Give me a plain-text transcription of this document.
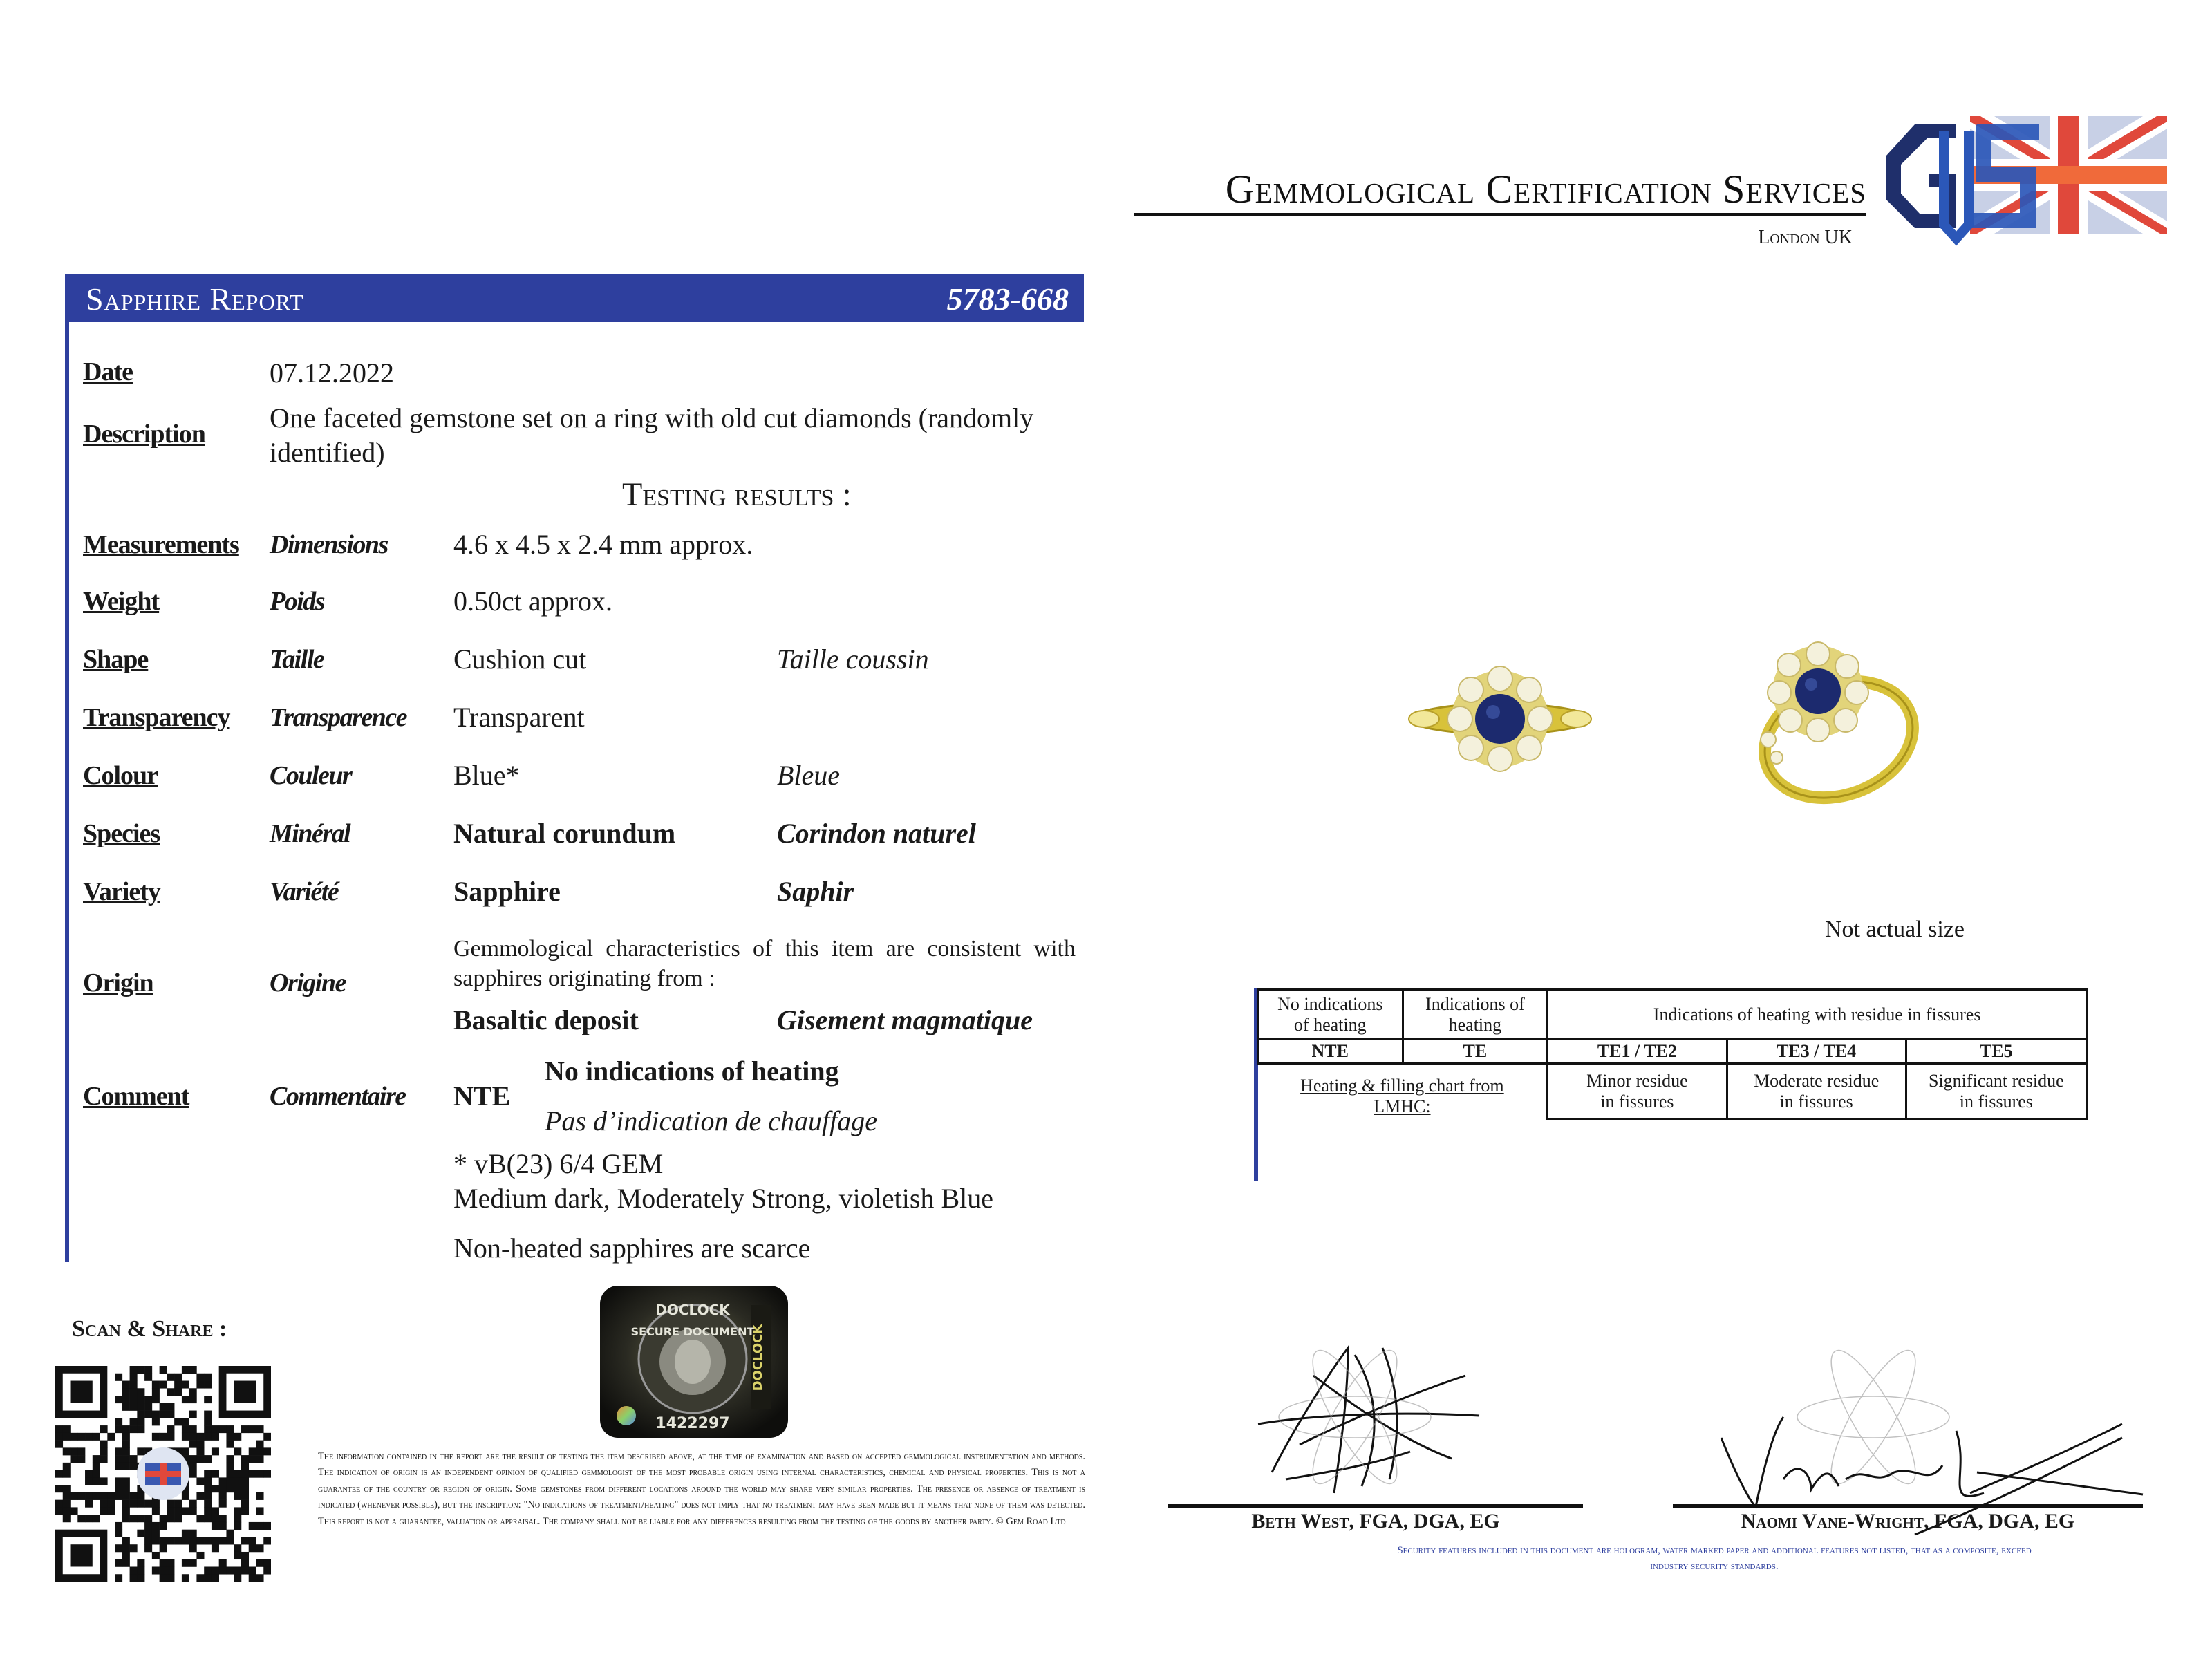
Gemmological Certification Services
London UK
Sapphire Report	5783-668
Date	07.12.2022
Description
One faceted gemstone set on a ring with old cut diamonds (randomly identified)
Testing results :
Measurements Dimensions 4.6 x 4.5 x 2.4 mm approx.
Weight	Poids	0.50ct approx.
Shape	Taille	Cushion cut	Taille coussin
Transparency Transparence Transparent
Colour	Couleur	Blue*	Bleue
Species	Minéral	Natural corundum	Corindon naturel
Variety	Variété	Sapphire	Saphir
Origin	Origine
Gemmological characteristics of this item are consistent with sapphires originating from :
Basaltic deposit	Gisement magmatique
Comment	Commentaire NTE
No indications of heating
Pas d’indication de chauffage
* vB(23) 6/4 GEM
Medium dark, Moderately Strong, violetish Blue
Non-heated sapphires are scarce
Scan & Share :
DOCLOCK
SECURE DOCUMENT
1422297
DOCLOCK
The information contained in the report are the result of testing the item described above, at the time of examination and based on accepted gemmological instrumentation and methods. The indication of origin is an independent opinion of qualified gemmologist of the most probable origin using internal characteristics, chemical and physical properties. This is not a guarantee of the country or region of origin. Some gemstones from different locations around the world may share very similar properties. The presence or absence of treatment is indicated (whenever possible), but the inscription: "No indications of treatment/heating" does not imply that no treatment may have been made but it means that none of them was detected. This report is not a guarantee, valuation or appraisal. The company shall not be liable for any differences resulting from the testing of the goods by another party. © Gem Road Ltd
Not actual size
No indications of heating	Indications of heating	Indications of heating with residue in fissures		
NTE	TE	TE1 / TE2	TE3 / TE4	TE5
Heating & filling chart from LMHC:		Minor residue in fissures	Moderate residue in fissures	Significant residue in fissures
Beth West, FGA, DGA, EG	Naomi Vane-Wright, FGA, DGA, EG
Security features included in this document are hologram, water marked paper and additional features not listed, that as a composite, exceed industry security standards.
